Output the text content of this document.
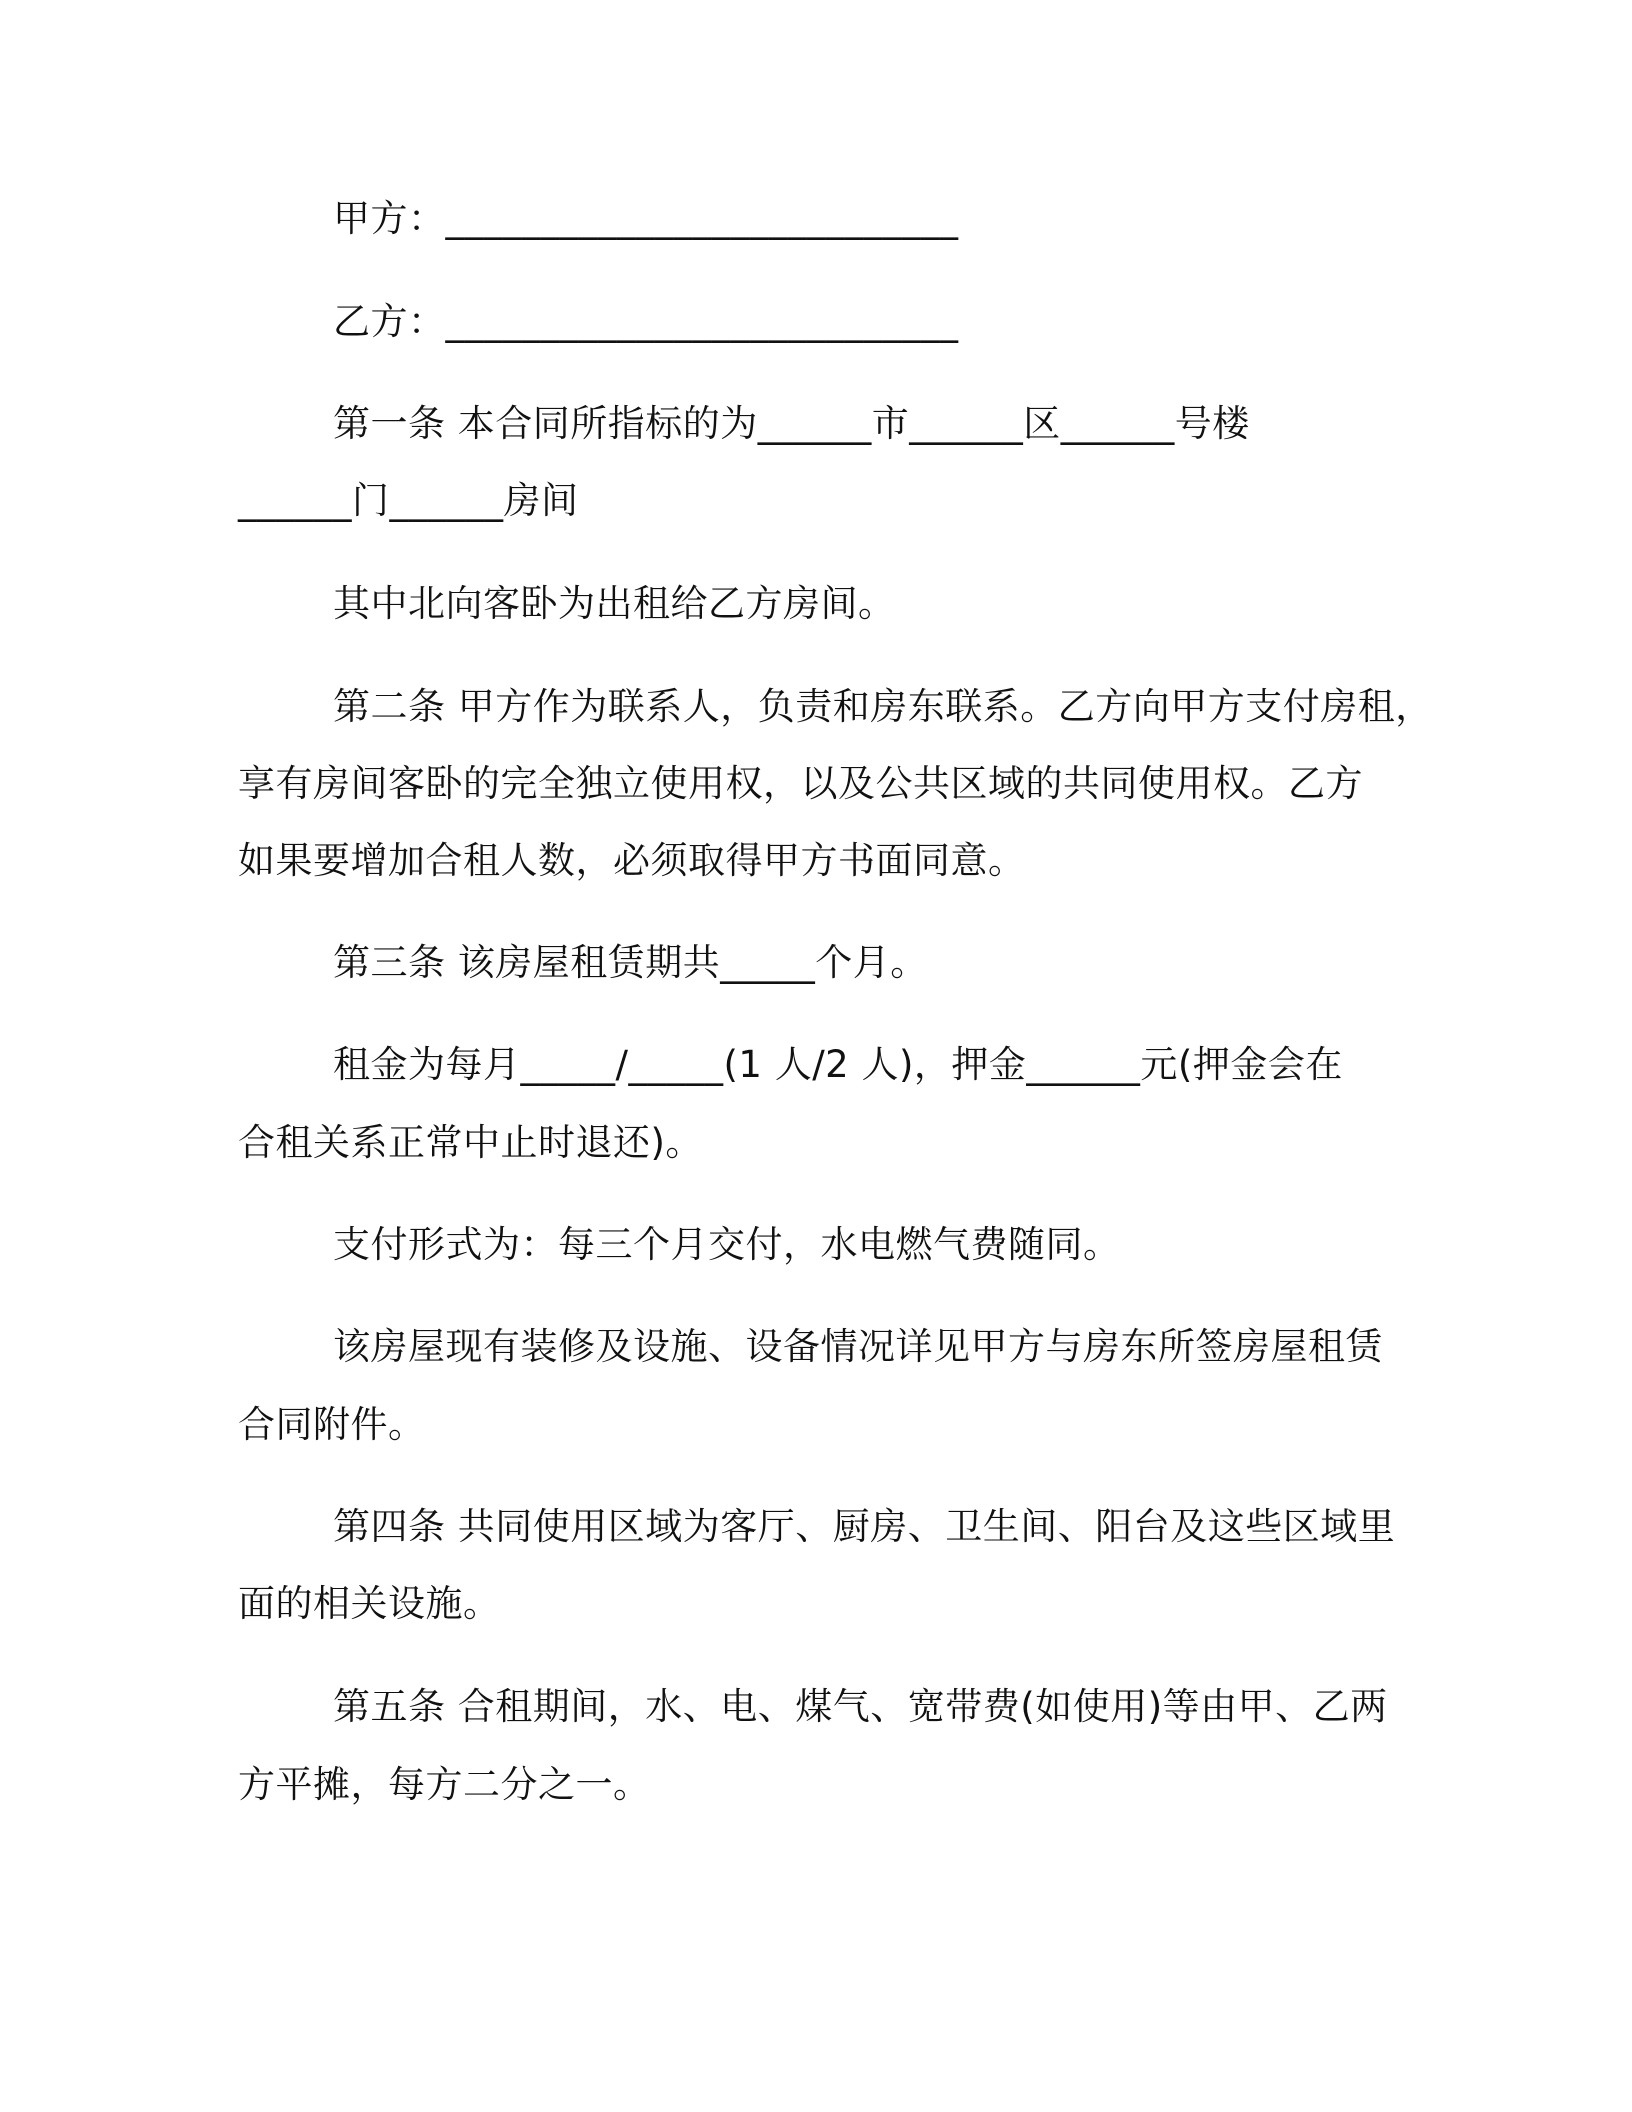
甲方：___________________________
乙方：___________________________
第一条 本合同所指标的为______市______区______号楼
______门______房间
其中北向客卧为出租给乙方房间。
第二条 甲方作为联系人，负责和房东联系。乙方向甲方支付房租，
享有房间客卧的完全独立使用权，以及公共区域的共同使用权。乙方
如果要增加合租人数，必须取得甲方书面同意。
第三条 该房屋租赁期共_____个月。
租金为每月_____/_____(1 人/2 人)，押金______元(押金会在
合租关系正常中止时退还)。
支付形式为：每三个月交付，水电燃气费随同。
该房屋现有装修及设施、设备情况详见甲方与房东所签房屋租赁
合同附件。
第四条 共同使用区域为客厅、厨房、卫生间、阳台及这些区域里
面的相关设施。
第五条 合租期间，水、电、煤气、宽带费(如使用)等由甲、乙两
方平摊，每方二分之一。
